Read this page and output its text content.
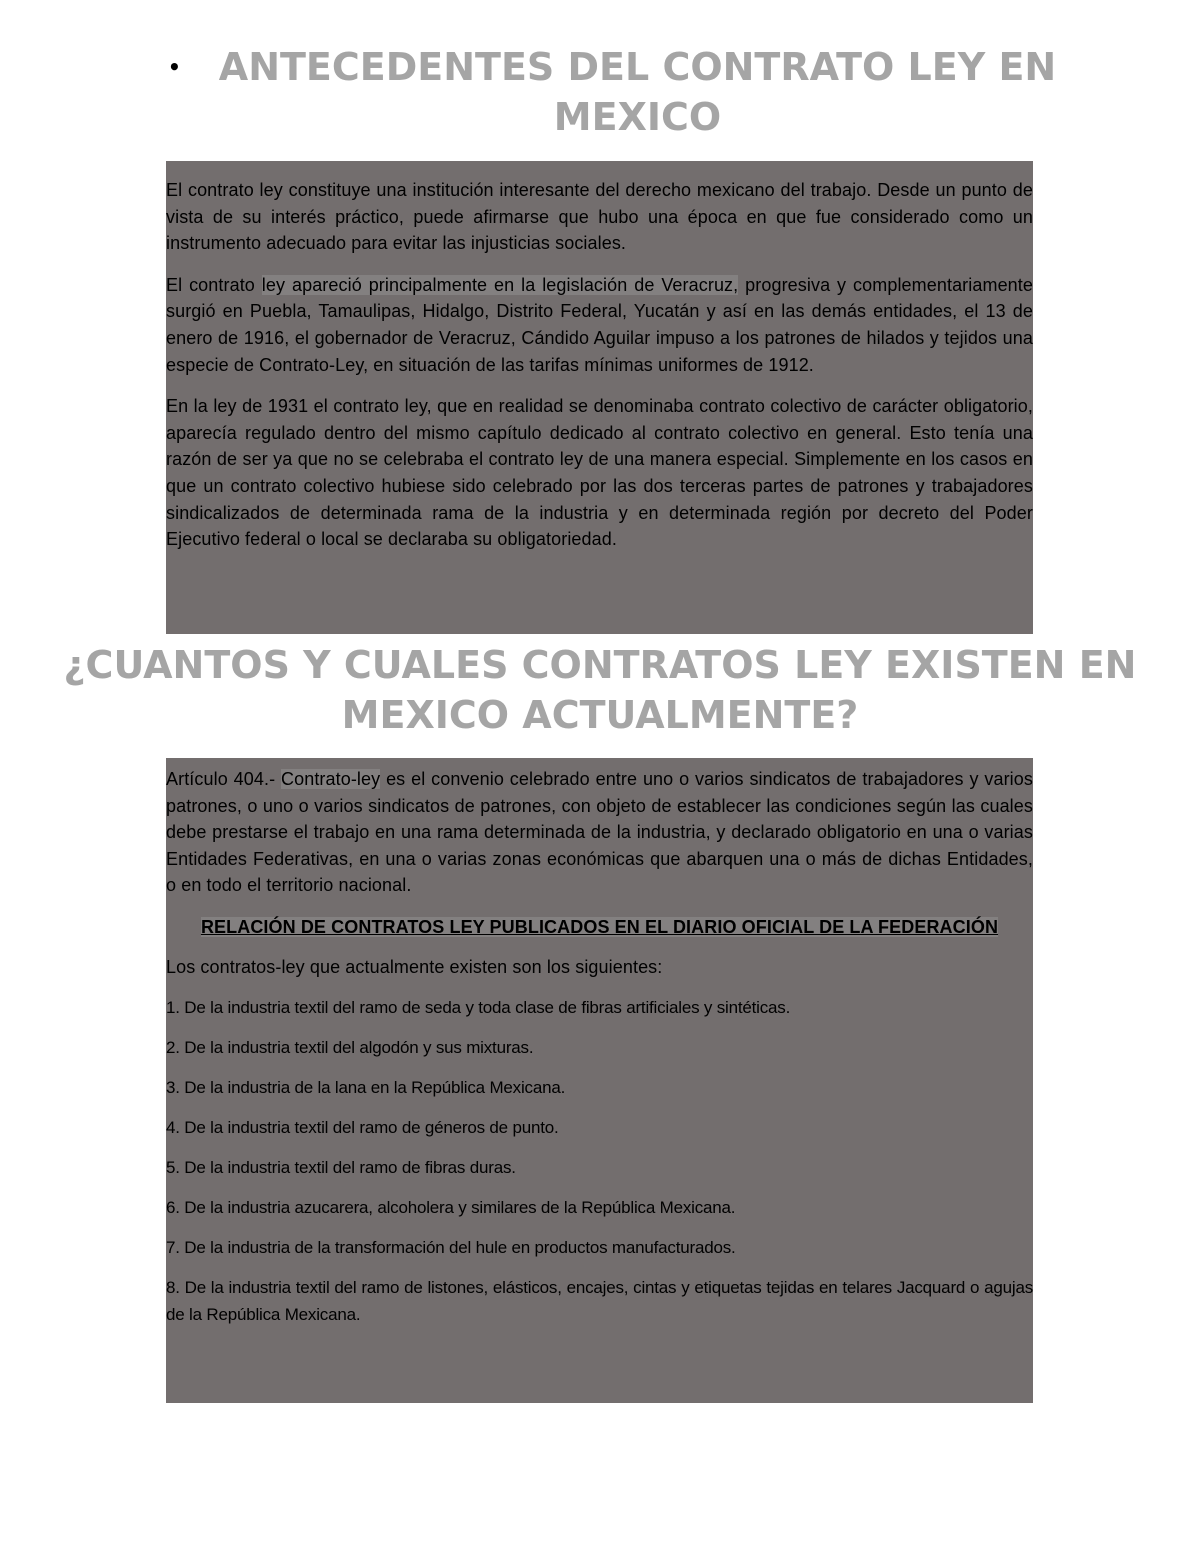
• ANTECEDENTES DEL CONTRATO LEY EN MEXICO

El contrato ley constituye una institución interesante del derecho mexicano del trabajo. Desde un punto de vista de su interés práctico, puede afirmarse que hubo una época en que fue considerado como un instrumento adecuado para evitar las injusticias sociales.

El contrato ley apareció principalmente en la legislación de Veracruz, progresiva y complementariamente surgió en Puebla, Tamaulipas, Hidalgo, Distrito Federal, Yucatán y así en las demás entidades, el 13 de enero de 1916, el gobernador de Veracruz, Cándido Aguilar impuso a los patrones de hilados y tejidos una especie de Contrato-Ley, en situación de las tarifas mínimas uniformes de 1912.

En la ley de 1931 el contrato ley, que en realidad se denominaba contrato colectivo de carácter obligatorio, aparecía regulado dentro del mismo capítulo dedicado al contrato colectivo en general. Esto tenía una razón de ser ya que no se celebraba el contrato ley de una manera especial. Simplemente en los casos en que un contrato colectivo hubiese sido celebrado por las dos terceras partes de patrones y trabajadores sindicalizados de determinada rama de la industria y en determinada región por decreto del Poder Ejecutivo federal o local se declaraba su obligatoriedad.

¿CUANTOS Y CUALES CONTRATOS LEY EXISTEN EN MEXICO ACTUALMENTE?

Artículo 404.- Contrato-ley es el convenio celebrado entre uno o varios sindicatos de trabajadores y varios patrones, o uno o varios sindicatos de patrones, con objeto de establecer las condiciones según las cuales debe prestarse el trabajo en una rama determinada de la industria, y declarado obligatorio en una o varias Entidades Federativas, en una o varias zonas económicas que abarquen una o más de dichas Entidades, o en todo el territorio nacional.

RELACIÓN DE CONTRATOS LEY PUBLICADOS EN EL DIARIO OFICIAL DE LA FEDERACIÓN

Los contratos-ley que actualmente existen son los siguientes:

1. De la industria textil del ramo de seda y toda clase de fibras artificiales y sintéticas.

2. De la industria textil del algodón y sus mixturas.

3. De la industria de la lana en la República Mexicana.

4. De la industria textil del ramo de géneros de punto.

5. De la industria textil del ramo de fibras duras.

6. De la industria azucarera, alcoholera y similares de la República Mexicana.

7. De la industria de la transformación del hule en productos manufacturados.

8. De la industria textil del ramo de listones, elásticos, encajes, cintas y etiquetas tejidas en telares Jacquard o agujas de la República Mexicana.
